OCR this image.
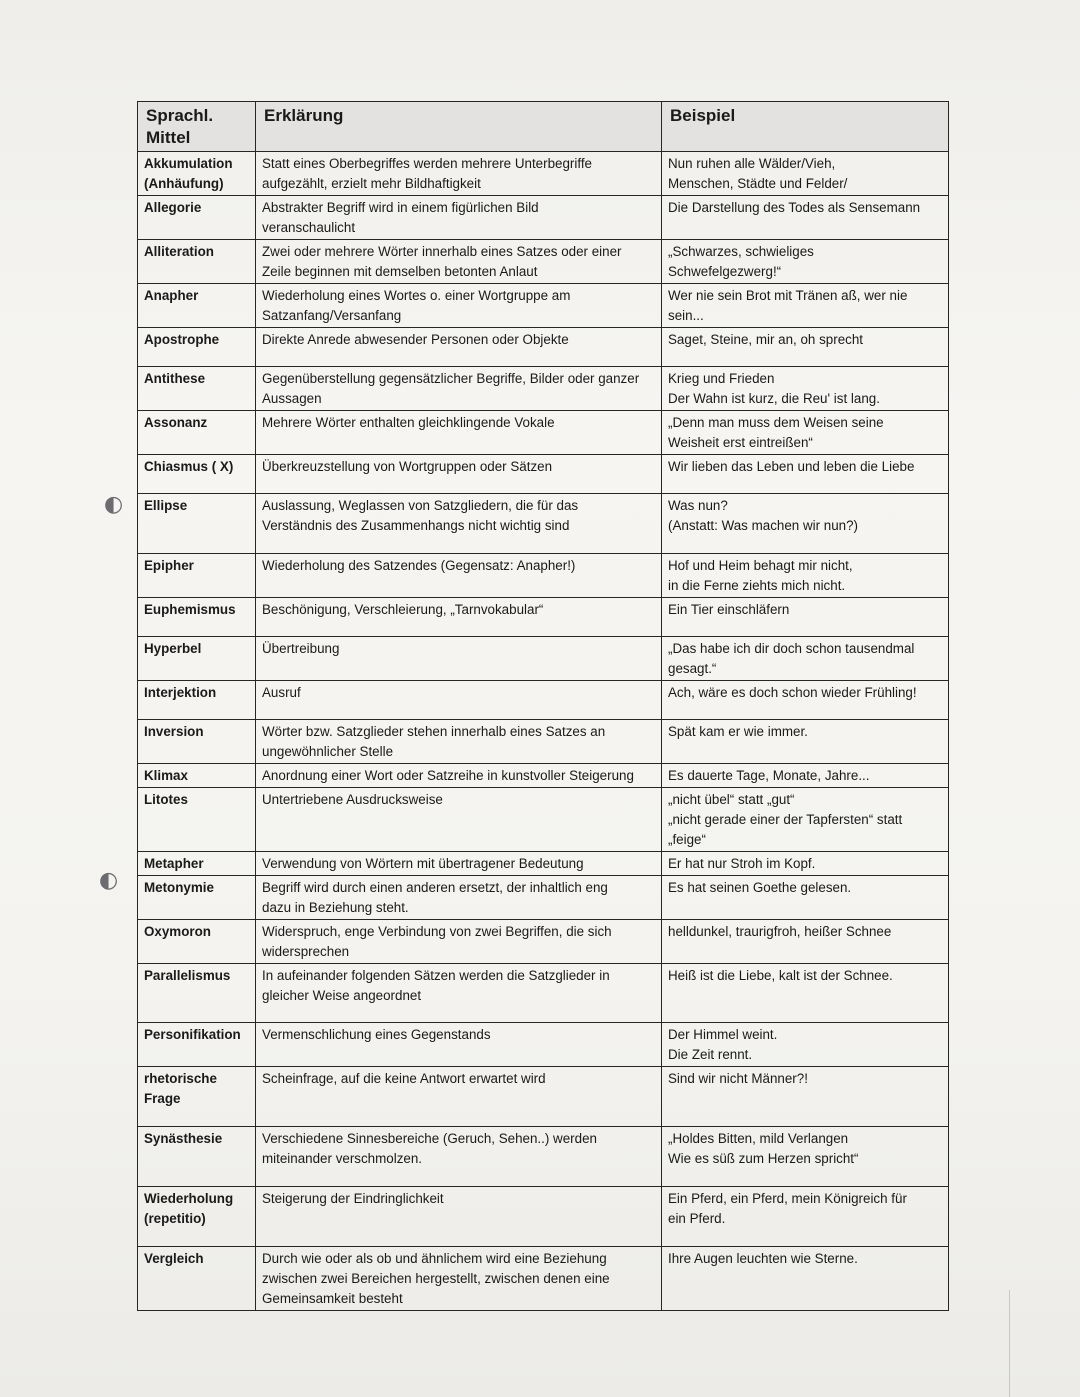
◐
◐
Sprachl. Mittel	Erklärung	Beispiel

Akkumulation
(Anhäufung)	Statt eines Oberbegriffes werden mehrere Unterbegriffe
aufgezählt, erzielt mehr Bildhaftigkeit	Nun ruhen alle Wälder/Vieh,
Menschen, Städte und Felder/

Allegorie	Abstrakter Begriff wird in einem figürlichen Bild
veranschaulicht	Die Darstellung des Todes als Sensemann

Alliteration	Zwei oder mehrere Wörter innerhalb eines Satzes oder einer
Zeile beginnen mit demselben betonten Anlaut	„Schwarzes, schwieliges
Schwefelgezwerg!“

Anapher	Wiederholung eines Wortes o. einer Wortgruppe am
Satzanfang/Versanfang	Wer nie sein Brot mit Tränen aß, wer nie
sein...

Apostrophe	Direkte Anrede abwesender Personen oder Objekte	Saget, Steine, mir an, oh sprecht

Antithese	Gegenüberstellung gegensätzlicher Begriffe, Bilder oder ganzer
Aussagen	Krieg und Frieden
Der Wahn ist kurz, die Reu' ist lang.

Assonanz	Mehrere Wörter enthalten gleichklingende Vokale	„Denn man muss dem Weisen seine
Weisheit erst eintreißen“

Chiasmus ( X)	Überkreuzstellung von Wortgruppen oder Sätzen	Wir lieben das Leben und leben die Liebe

Ellipse	Auslassung, Weglassen von Satzgliedern, die für das
Verständnis des Zusammenhangs nicht wichtig sind	Was nun?
(Anstatt: Was machen wir nun?)

Epipher	Wiederholung des Satzendes (Gegensatz: Anapher!)	Hof und Heim behagt mir nicht,
in die Ferne ziehts mich nicht.

Euphemismus	Beschönigung, Verschleierung, „Tarnvokabular“	Ein Tier einschläfern

Hyperbel	Übertreibung	„Das habe ich dir doch schon tausendmal
gesagt.“

Interjektion	Ausruf	Ach, wäre es doch schon wieder Frühling!

Inversion	Wörter bzw. Satzglieder stehen innerhalb eines Satzes an
ungewöhnlicher Stelle	Spät kam er wie immer.

Klimax	Anordnung einer Wort oder Satzreihe in kunstvoller Steigerung	Es dauerte Tage, Monate, Jahre...

Litotes	Untertriebene Ausdrucksweise	„nicht übel“ statt „gut“
„nicht gerade einer der Tapfersten“ statt
„feige“

Metapher	Verwendung von Wörtern mit übertragener Bedeutung	Er hat nur Stroh im Kopf.

Metonymie	Begriff wird durch einen anderen ersetzt, der inhaltlich eng
dazu in Beziehung steht.	Es hat seinen Goethe gelesen.

Oxymoron	Widerspruch, enge Verbindung von zwei Begriffen, die sich
widersprechen	helldunkel, traurigfroh, heißer Schnee

Parallelismus	In aufeinander folgenden Sätzen werden die Satzglieder in
gleicher Weise angeordnet	Heiß ist die Liebe, kalt ist der Schnee.

Personifikation	Vermenschlichung eines Gegenstands	Der Himmel weint.
Die Zeit rennt.

rhetorische
Frage	Scheinfrage, auf die keine Antwort erwartet wird	Sind wir nicht Männer?!

Synästhesie	Verschiedene Sinnesbereiche (Geruch, Sehen..) werden
miteinander verschmolzen.	„Holdes Bitten, mild Verlangen
Wie es süß zum Herzen spricht“

Wiederholung
(repetitio)	Steigerung der Eindringlichkeit	Ein Pferd, ein Pferd, mein Königreich für
ein Pferd.

Vergleich	Durch wie oder als ob und ähnlichem wird eine Beziehung
zwischen zwei Bereichen hergestellt, zwischen denen eine
Gemeinsamkeit besteht	Ihre Augen leuchten wie Sterne.
